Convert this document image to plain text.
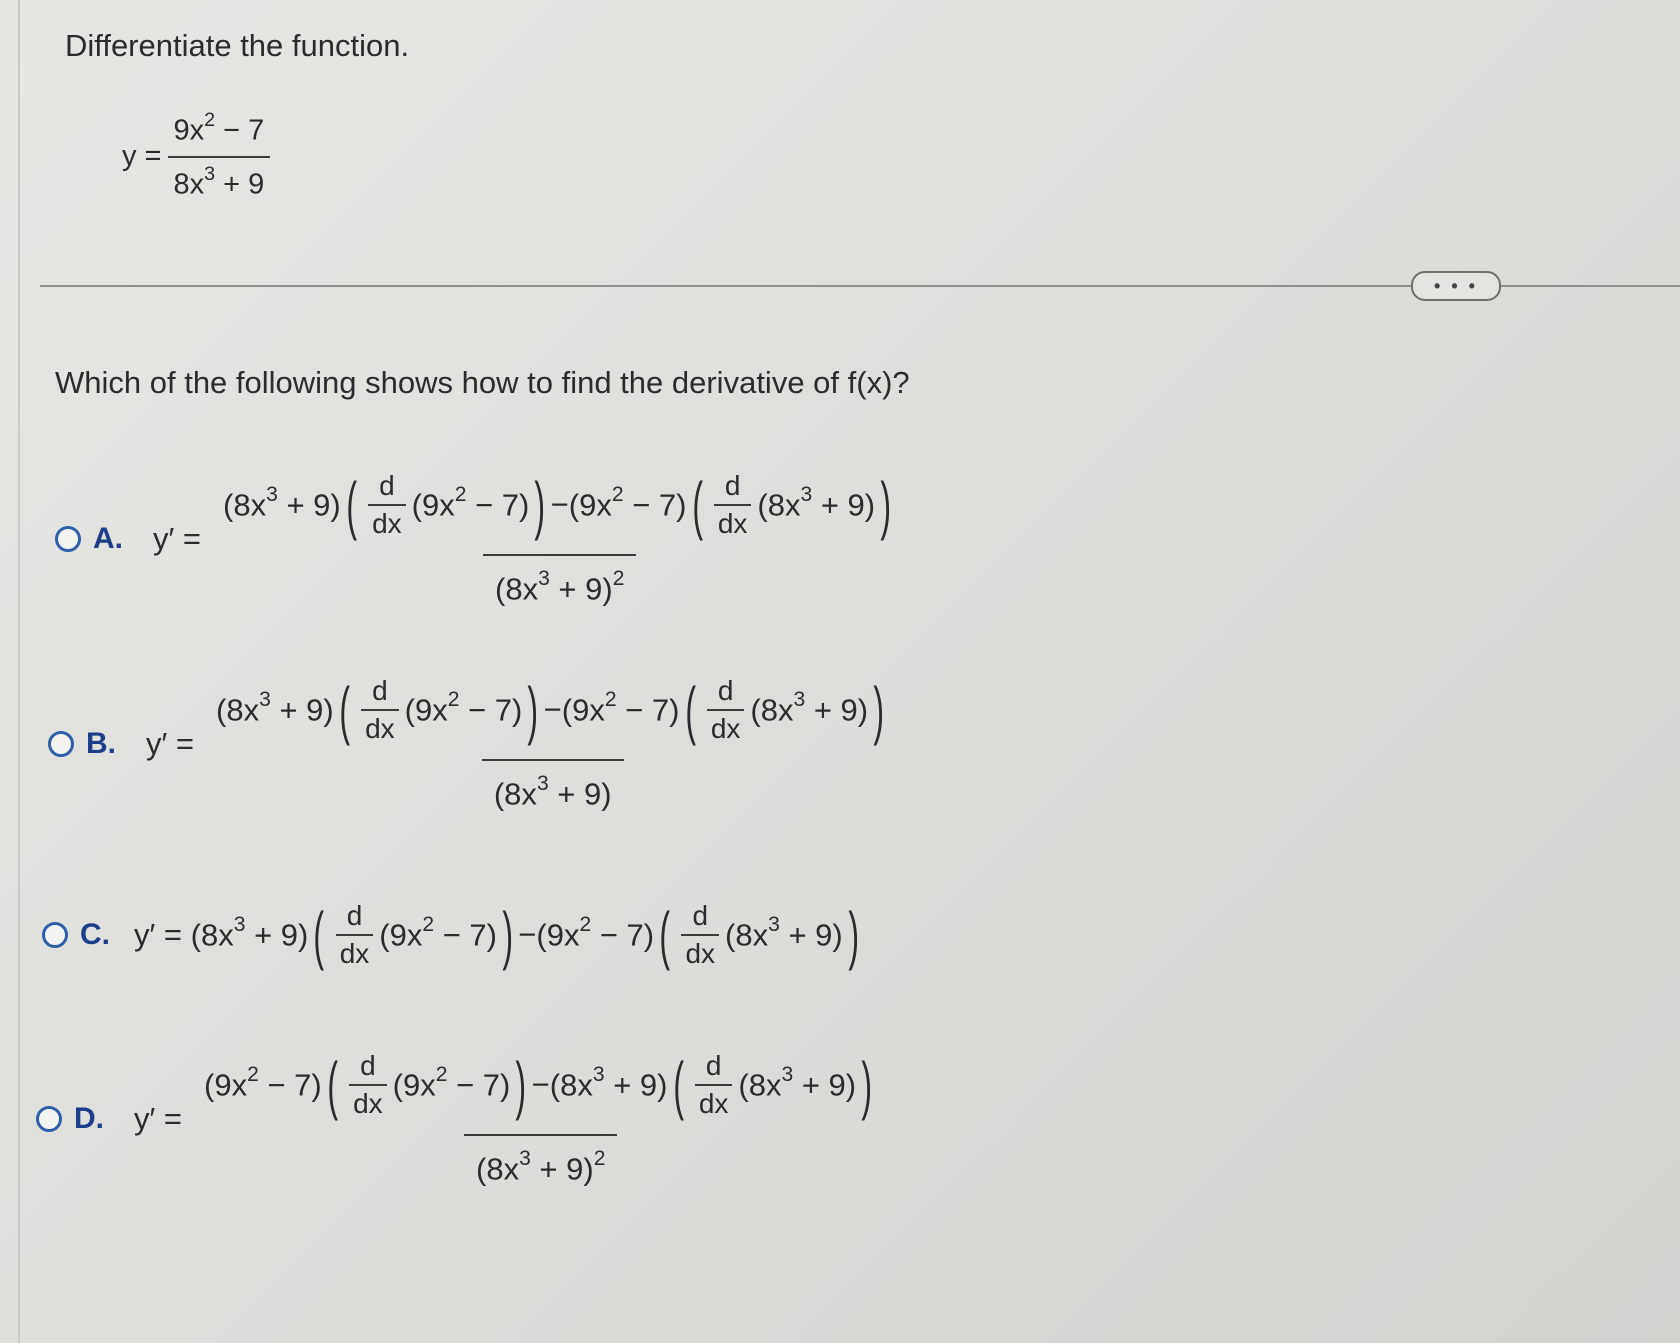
Differentiate the function.
$y = \frac{9x^2 - 7}{8x^3 + 9}$
• • •
Which of the following shows how to find the derivative of f(x)?
A. y′ =
$(8x^3 + 9)$ ( d
dx
$(9x^2 - 7)$ ) − $(9x^2 - 7)$ ( d
dx
$(8x^3 + 9)$ )
$(8x^3 + 9)^2$
B. y′ =
$(8x^3 + 9)$ ( d
dx
$(9x^2 - 7)$ ) − $(9x^2 - 7)$ ( d
dx
$(8x^3 + 9)$ )
$(8x^3 + 9)$
C. y′ =
$(8x^3 + 9)$ ( d
dx
$(9x^2 - 7)$ ) − $(9x^2 - 7)$ ( d
dx
$(8x^3 + 9)$ )
D. y′ =
$(9x^2 - 7)$ ( d
dx
$(9x^2 - 7)$ ) − $(8x^3 + 9)$ ( d
dx
$(8x^3 + 9)$ )
$(8x^3 + 9)^2$
